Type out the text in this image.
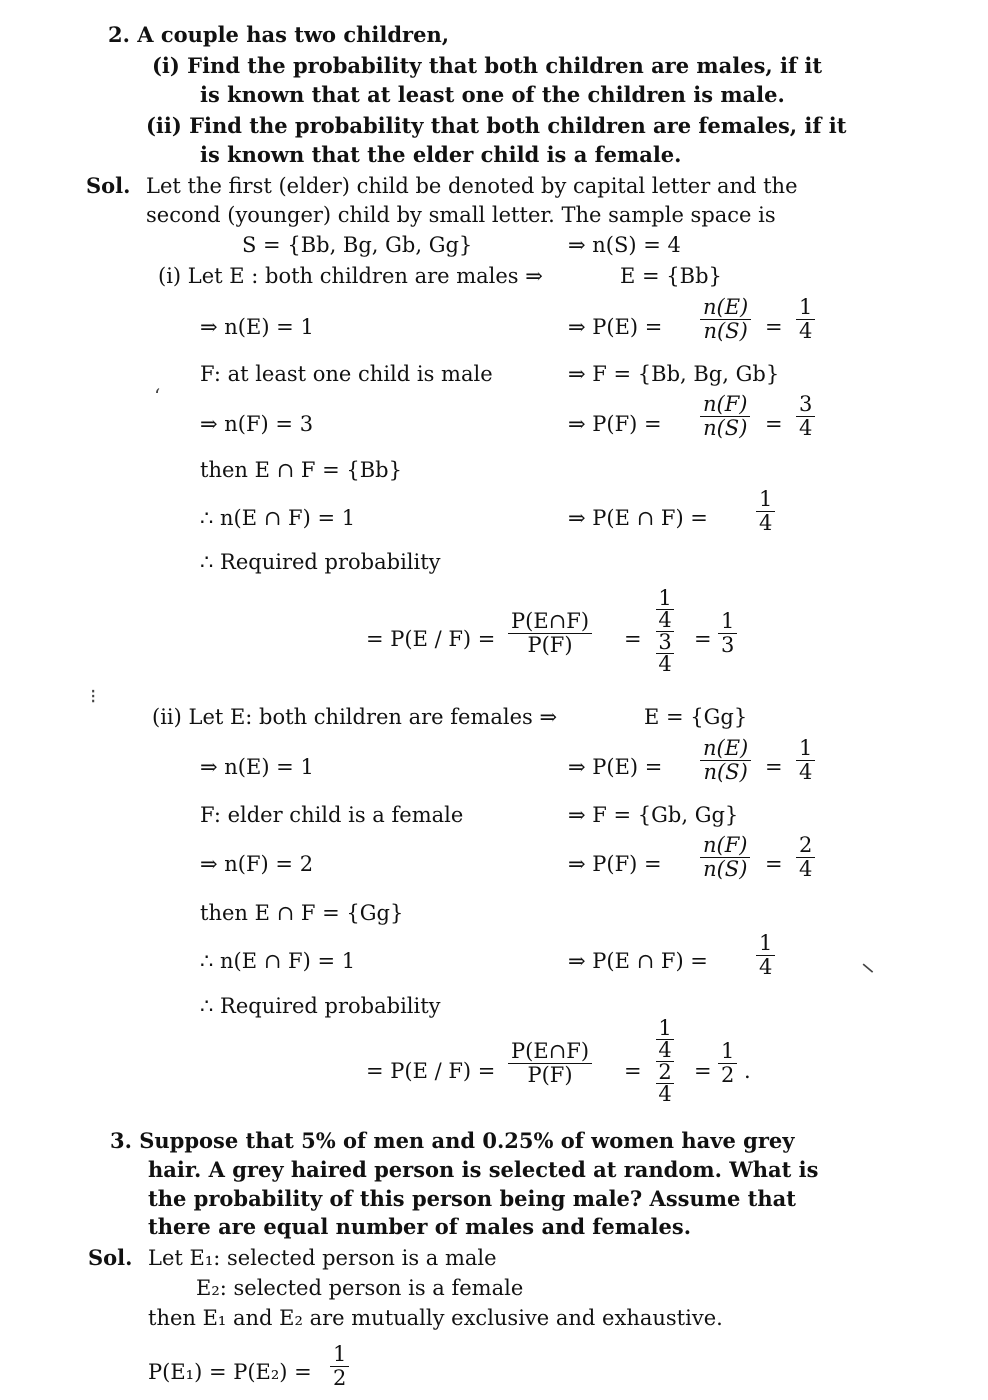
2. A couple has two children,
(i) Find the probability that both children are males, if it
is known that at least one of the children is male.
(ii) Find the probability that both children are females, if it
is known that the elder child is a female.
Sol. Let the first (elder) child be denoted by capital letter and the
second (younger) child by small letter. The sample space is
S = {Bb, Bg, Gb, Gg}	⇒ n(S) = 4
(i) Let E : both children are males ⇒	E = {Bb}
⇒ n(E) = 1	⇒ $P(E) = \frac{n(E)}{n(S)} = \frac{1}{4}$
F: at least one child is male	⇒ F = {Bb, Bg, Gb}
ʻ
⇒ n(F) = 3	⇒ $P(F) = \frac{n(F)}{n(S)} = \frac{3}{4}$
then E ∩ F = {Bb}
∴ n(E ∩ F) = 1	⇒ P(E ∩ $F) = \frac{1}{4}$
∴ Required probability
= $P(E / F) = \frac{P(E\cap F)}{P(F)}$ =
1
4
3
4
= $\frac{1}{3}$
⁝
(ii) Let E: both children are females ⇒	E = {Gg}
⇒ n(E) = 1	⇒ $P(E) = \frac{n(E)}{n(S)} = \frac{1}{4}$
F: elder child is a female	⇒ F = {Gb, Gg}
⇒ n(F) = 2	⇒ $P(F) = \frac{n(F)}{n(S)} = \frac{2}{4}$
then E ∩ F = {Gg}
∴ n(E ∩ F) = 1	⇒ P(E ∩ $F) = \frac{1}{4}$	─
∴ Required probability
= $P(E / F) = \frac{P(E\cap F)}{P(F)}$ =
1
4
2
4
= $\frac{1}{2}$ .
3. Suppose that 5% of men and 0.25% of women have grey
hair. A grey haired person is selected at random. What is
the probability of this person being male? Assume that
there are equal number of males and females.
Sol. Let E₁: selected person is a male
E₂: selected person is a female
then E₁ and E₂ are mutually exclusive and exhaustive.
$P(E_1) = P(E_2) = \frac{1}{2}$
